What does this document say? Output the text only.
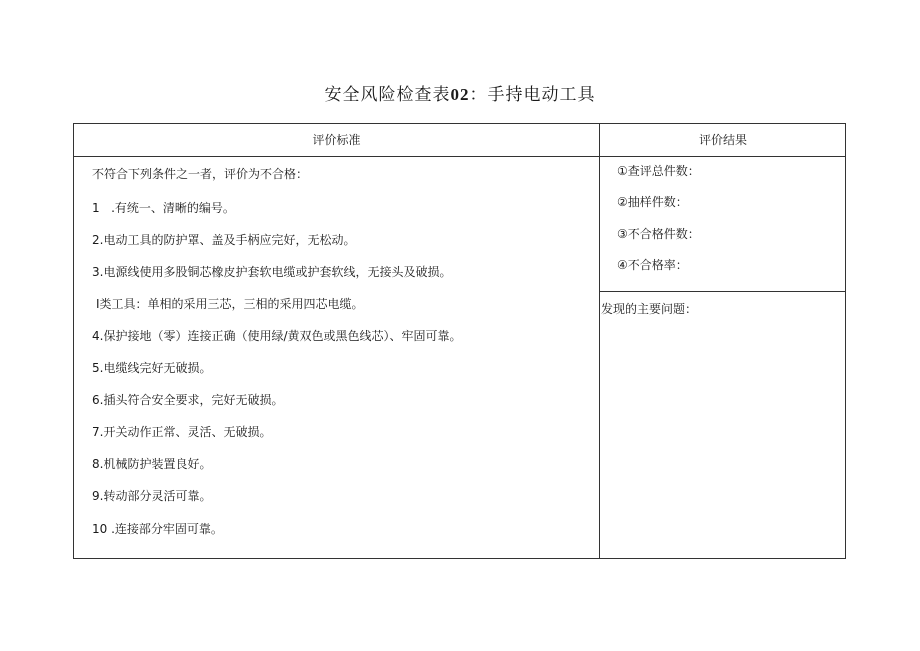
安全风险检查表02：手持电动工具
评价标准	评价结果
不符合下列条件之一者，评价为不合格：
1   .有统一、清晰的编号。
2.电动工具的防护罩、盖及手柄应完好，无松动。
3.电源线使用多股铜芯橡皮护套软电缆或护套软线，无接头及破损。
Ⅰ类工具：单相的采用三芯，三相的采用四芯电缆。
4.保护接地（零）连接正确（使用绿/黄双色或黑色线芯）、牢固可靠。
5.电缆线完好无破损。
6.插头符合安全要求，完好无破损。
7.开关动作正常、灵活、无破损。
8.机械防护装置良好。
9.转动部分灵活可靠。
10 .连接部分牢固可靠。
①查评总件数：
②抽样件数：
③不合格件数：
④不合格率：
发现的主要问题：
